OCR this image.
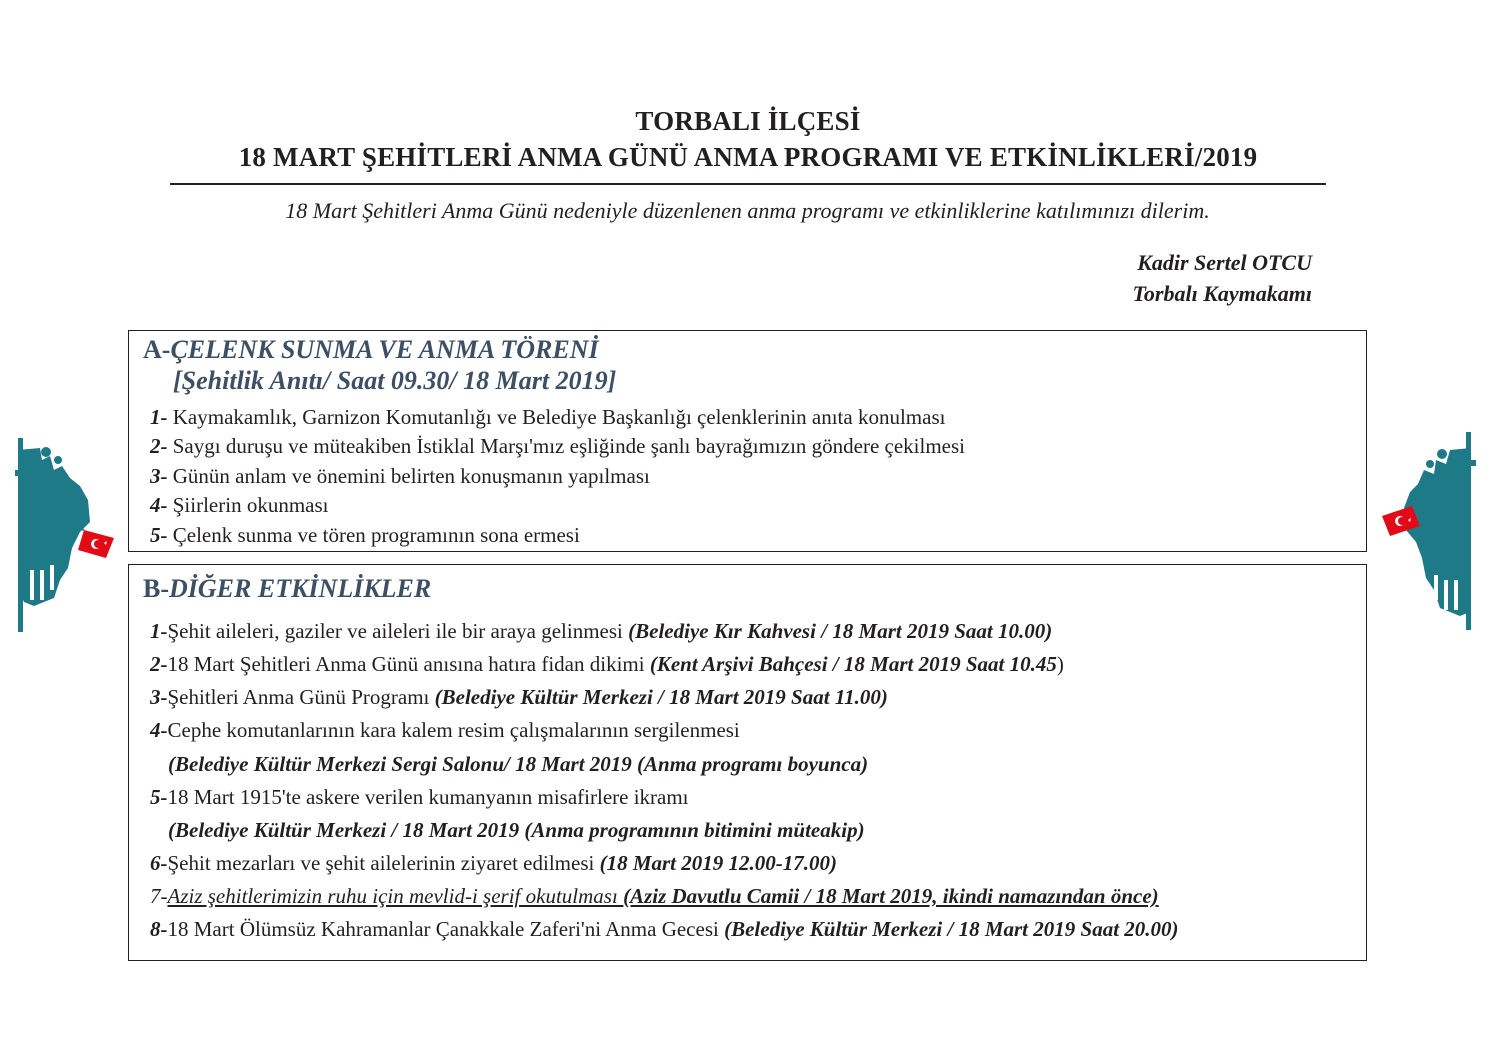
TORBALI İLÇESİ
18 MART ŞEHİTLERİ ANMA GÜNÜ ANMA PROGRAMI VE ETKİNLİKLERİ/2019
18 Mart Şehitleri Anma Günü nedeniyle düzenlenen anma programı ve etkinliklerine katılımınızı dilerim.
Kadir Sertel OTCU
Torbalı Kaymakamı
A-ÇELENK SUNMA VE ANMA TÖRENİ
[Şehitlik Anıtı/ Saat 09.30/ 18 Mart 2019]
1- Kaymakamlık, Garnizon Komutanlığı ve Belediye Başkanlığı çelenklerinin anıta konulması
2- Saygı duruşu ve müteakiben İstiklal Marşı'mız eşliğinde şanlı bayrağımızın göndere çekilmesi
3- Günün anlam ve önemini belirten konuşmanın yapılması
4- Şiirlerin okunması
5- Çelenk sunma ve tören programının sona ermesi
B-DİĞER ETKİNLİKLER
1-Şehit aileleri, gaziler ve aileleri ile bir araya gelinmesi (Belediye Kır Kahvesi / 18 Mart 2019 Saat 10.00)
2-18 Mart Şehitleri Anma Günü anısına hatıra fidan dikimi (Kent Arşivi Bahçesi / 18 Mart 2019 Saat 10.45)
3-Şehitleri Anma Günü Programı (Belediye Kültür Merkezi / 18 Mart 2019 Saat 11.00)
4-Cephe komutanlarının kara kalem resim çalışmalarının sergilenmesi
(Belediye Kültür Merkezi Sergi Salonu/ 18 Mart 2019 (Anma programı boyunca)
5-18 Mart 1915'te askere verilen kumanyanın misafirlere ikramı
(Belediye Kültür Merkezi / 18 Mart 2019 (Anma programının bitimini müteakip)
6-Şehit mezarları ve şehit ailelerinin ziyaret edilmesi (18 Mart 2019 12.00-17.00)
7-Aziz şehitlerimizin ruhu için mevlid-i şerif okutulması (Aziz Davutlu Camii / 18 Mart 2019, ikindi namazından önce)
8-18 Mart Ölümsüz Kahramanlar Çanakkale Zaferi'ni Anma Gecesi (Belediye Kültür Merkezi / 18 Mart 2019 Saat 20.00)
